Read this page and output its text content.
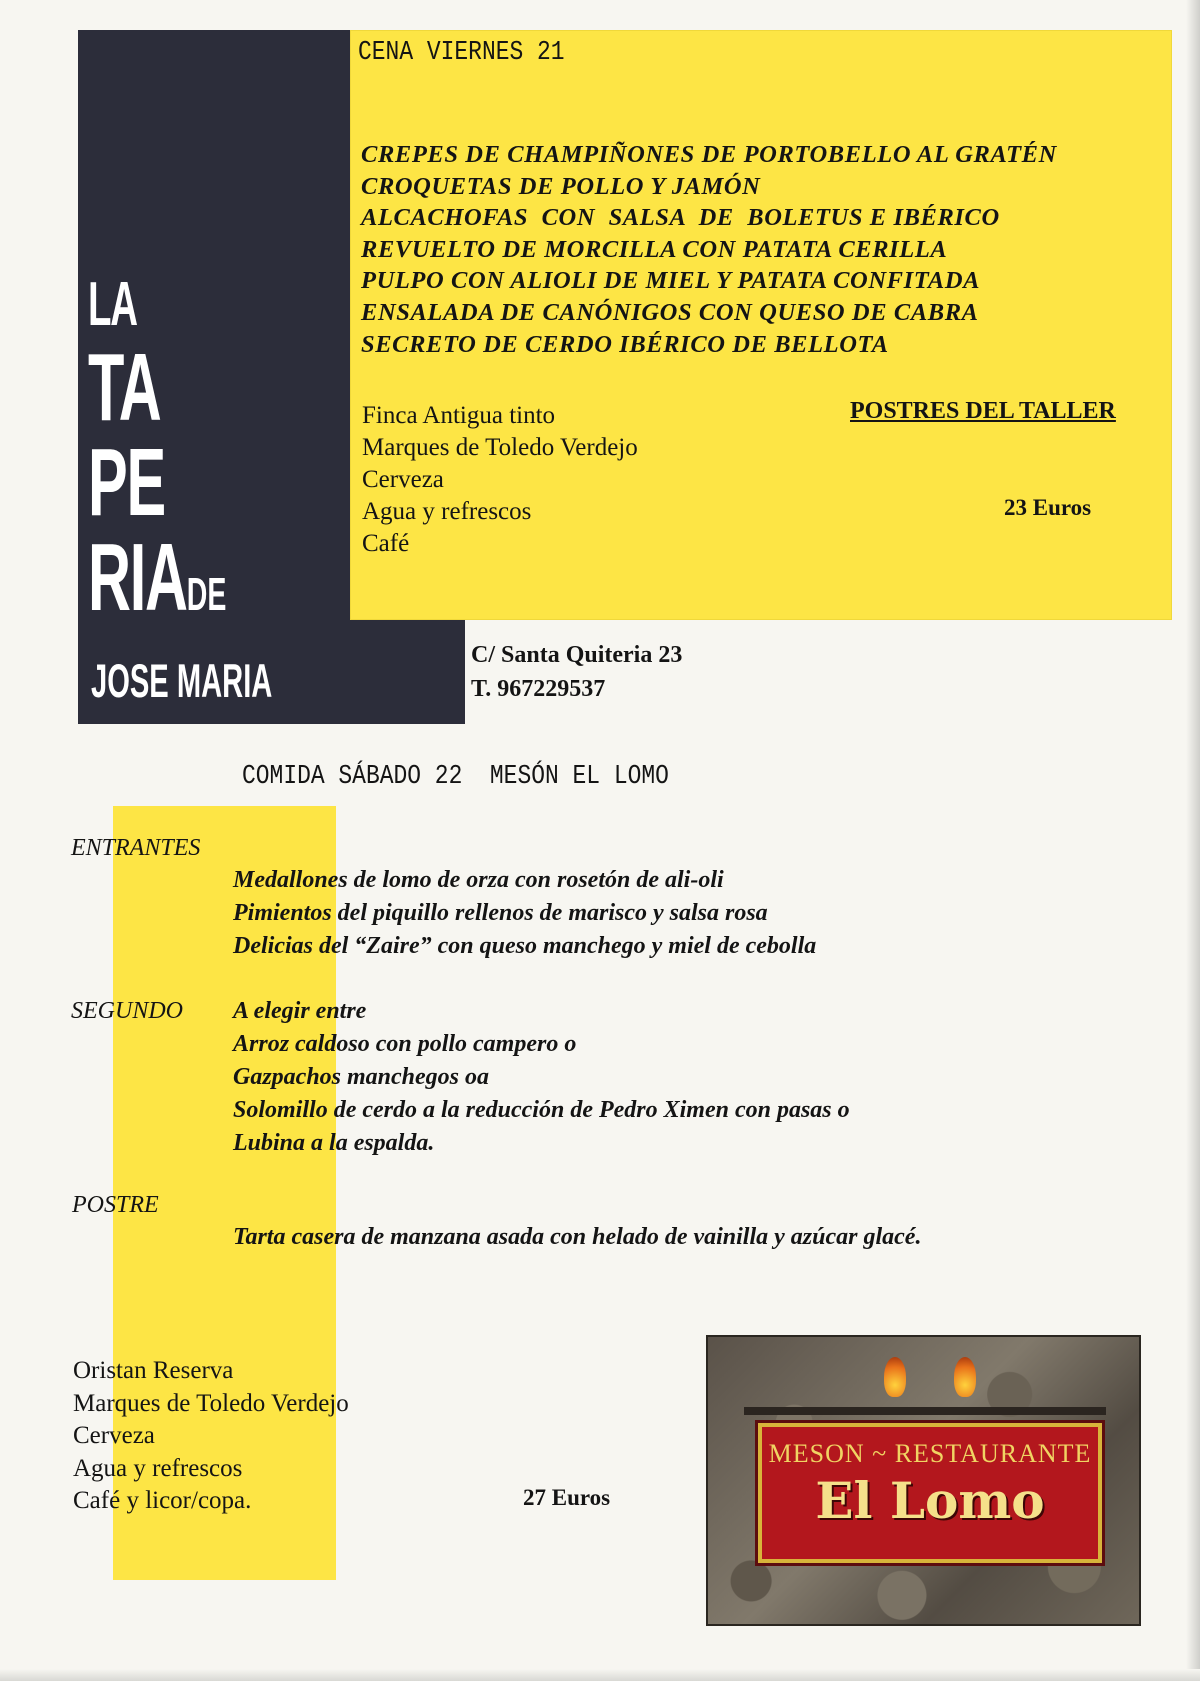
LA
TA
PE
RIADE
JOSE MARIA
CENA VIERNES 21
CREPES DE CHAMPIÑONES DE PORTOBELLO AL GRATÉN
CROQUETAS DE POLLO Y JAMÓN
ALCACHOFAS  CON  SALSA  DE  BOLETUS E IBÉRICO
REVUELTO DE MORCILLA CON PATATA CERILLA
PULPO CON ALIOLI DE MIEL Y PATATA CONFITADA
ENSALADA DE CANÓNIGOS CON QUESO DE CABRA
SECRETO DE CERDO IBÉRICO DE BELLOTA
Finca Antigua tinto
Marques de Toledo Verdejo
Cerveza
Agua y refrescos
Café
POSTRES DEL TALLER
23 Euros
C/ Santa Quiteria 23
T. 967229537
COMIDA SÁBADO 22  MESÓN EL LOMO
ENTRANTES
Medallones de lomo de orza con rosetón de ali-oli
Pimientos del piquillo rellenos de marisco y salsa rosa
Delicias del “Zaire” con queso manchego y miel de cebolla
SEGUNDO A elegir entre
Arroz caldoso con pollo campero o
Gazpachos manchegos oa
Solomillo de cerdo a la reducción de Pedro Ximen con pasas o
Lubina a la espalda.
POSTRE
Tarta casera de manzana asada con helado de vainilla y azúcar glacé.
Oristan Reserva
Marques de Toledo Verdejo
Cerveza
Agua y refrescos
Café y licor/copa.	27 Euros
MESON ~ RESTAURANTE
El Lomo
